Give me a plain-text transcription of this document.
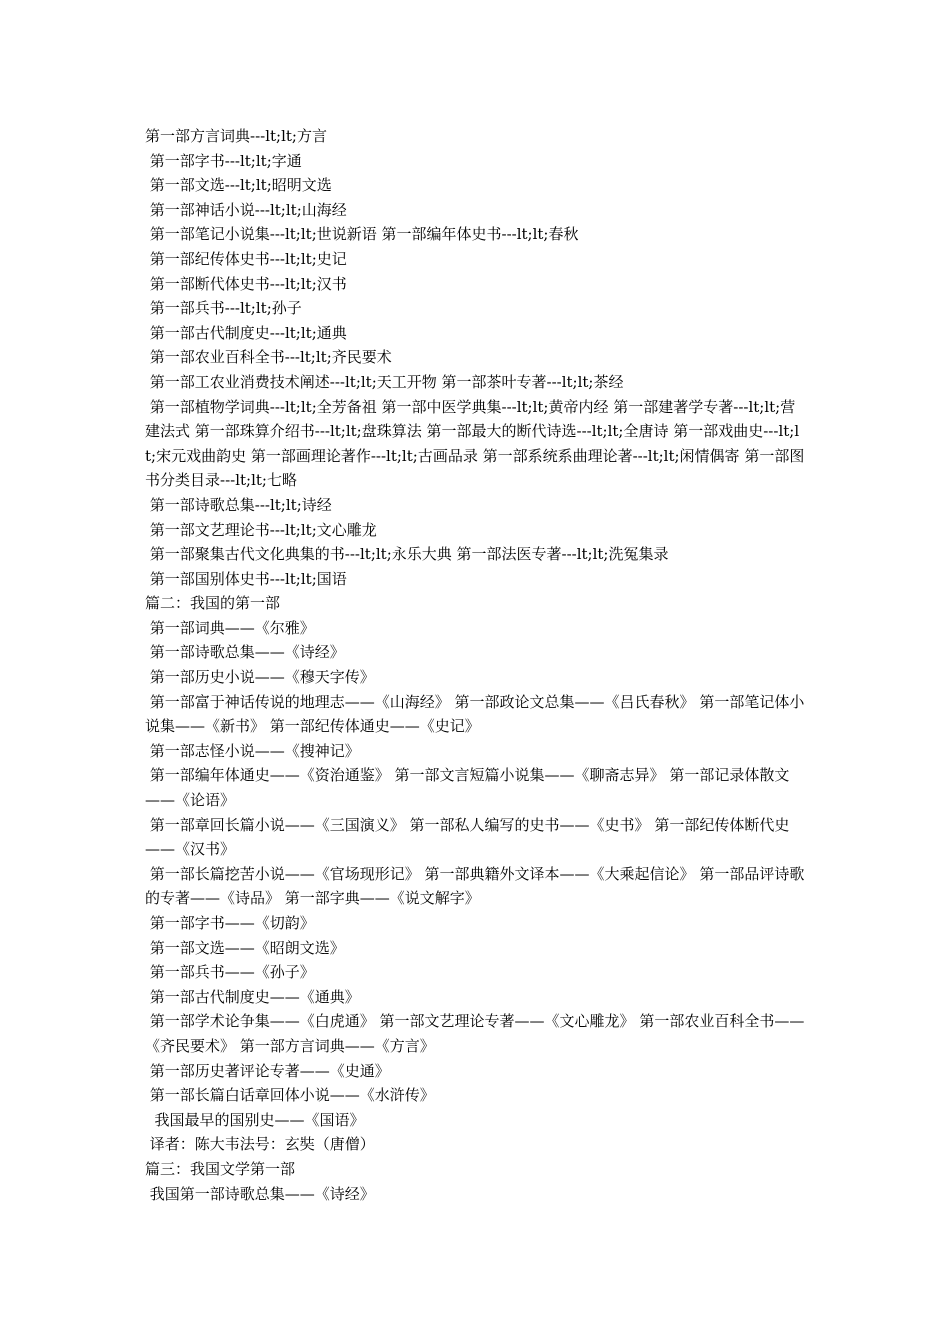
第一部方言词典---lt;lt;方言
第一部字书---lt;lt;字通
第一部文选---lt;lt;昭明文选
第一部神话小说---lt;lt;山海经
第一部笔记小说集---lt;lt;世说新语 第一部编年体史书---lt;lt;春秋
第一部纪传体史书---lt;lt;史记
第一部断代体史书---lt;lt;汉书
第一部兵书---lt;lt;孙子
第一部古代制度史---lt;lt;通典
第一部农业百科全书---lt;lt;齐民要术
第一部工农业消费技术阐述---lt;lt;天工开物 第一部茶叶专著---lt;lt;茶经
第一部植物学词典---lt;lt;全芳备祖 第一部中医学典集---lt;lt;黄帝内经 第一部建著学专著---lt;lt;营建法式 第一部珠算介绍书---lt;lt;盘珠算法 第一部最大的断代诗选---lt;lt;全唐诗 第一部戏曲史---lt;lt;宋元戏曲韵史 第一部画理论著作---lt;lt;古画品录 第一部系统系曲理论著---lt;lt;闲情偶寄 第一部图书分类目录---lt;lt;七略
第一部诗歌总集---lt;lt;诗经
第一部文艺理论书---lt;lt;文心雕龙
第一部聚集古代文化典集的书---lt;lt;永乐大典 第一部法医专著---lt;lt;洗冤集录
第一部国别体史书---lt;lt;国语
篇二：我国的第一部
第一部词典——《尔雅》
第一部诗歌总集——《诗经》
第一部历史小说——《穆天字传》
第一部富于神话传说的地理志——《山海经》 第一部政论文总集——《吕氏春秋》 第一部笔记体小说集——《新书》 第一部纪传体通史——《史记》
第一部志怪小说——《搜神记》
第一部编年体通史——《资治通鉴》 第一部文言短篇小说集——《聊斋志异》 第一部记录体散文——《论语》
第一部章回长篇小说——《三国演义》 第一部私人编写的史书——《史书》 第一部纪传体断代史——《汉书》
第一部长篇挖苦小说——《官场现形记》 第一部典籍外文译本——《大乘起信论》 第一部品评诗歌的专著——《诗品》 第一部字典——《说文解字》
第一部字书——《切韵》
第一部文选——《昭朗文选》
第一部兵书——《孙子》
第一部古代制度史——《通典》
第一部学术论争集——《白虎通》 第一部文艺理论专著——《文心雕龙》 第一部农业百科全书——《齐民要术》 第一部方言词典——《方言》
第一部历史著评论专著——《史通》
第一部长篇白话章回体小说——《水浒传》
我国最早的国别史——《国语》
译者：陈大韦法号：玄奘（唐僧）
篇三：我国文学第一部
我国第一部诗歌总集——《诗经》
